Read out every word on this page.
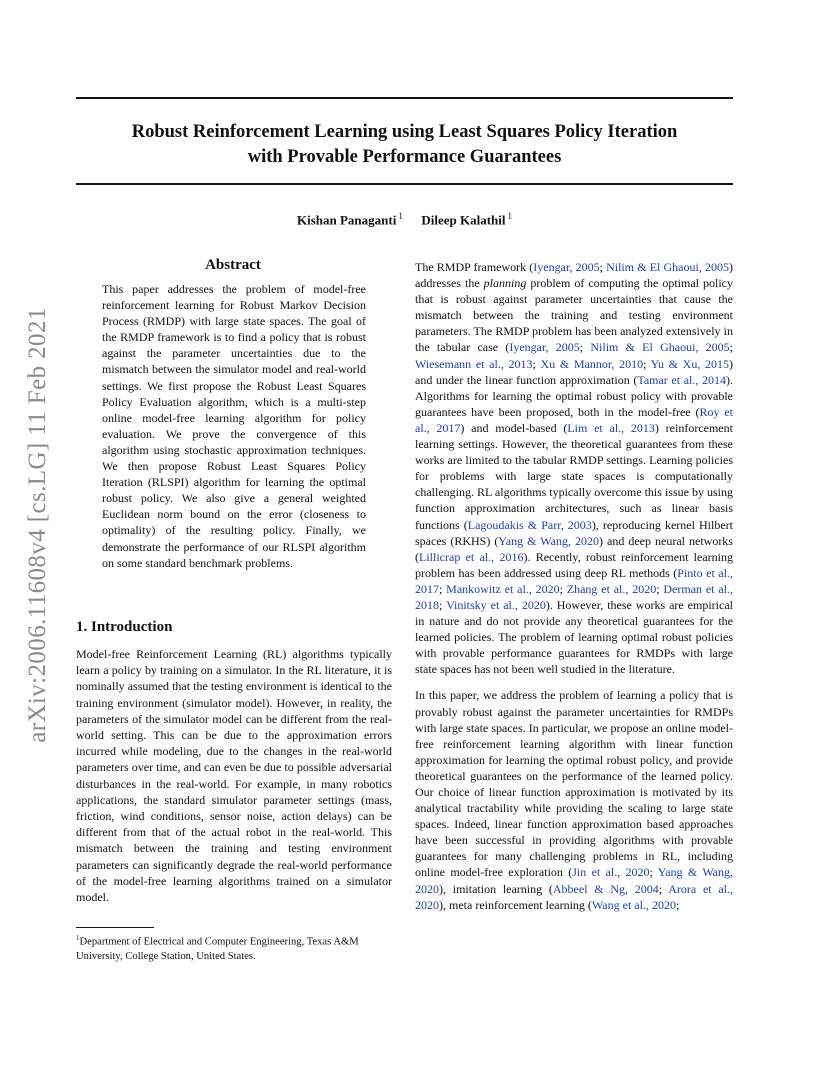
Robust Reinforcement Learning using Least Squares Policy Iteration
with Provable Performance Guarantees
Kishan Panaganti $^1$ Dileep Kalathil $^1$
arXiv:2006.11608v4 [cs.LG] 11 Feb 2021
Abstract
This paper addresses the problem of model-free reinforcement learning for Robust Markov Decision Process (RMDP) with large state spaces. The goal of the RMDP framework is to find a policy that is robust against the parameter uncertainties due to the mismatch between the simulator model and real-world settings. We first propose the Robust Least Squares Policy Evaluation algorithm, which is a multi-step online model-free learning algorithm for policy evaluation. We prove the convergence of this algorithm using stochastic approximation techniques. We then propose Robust Least Squares Policy Iteration (RLSPI) algorithm for learning the optimal robust policy. We also give a general weighted Euclidean norm bound on the error (closeness to optimality) of the resulting policy. Finally, we demonstrate the performance of our RLSPI algorithm on some standard benchmark problems.
1. Introduction
Model-free Reinforcement Learning (RL) algorithms typically learn a policy by training on a simulator. In the RL literature, it is nominally assumed that the testing environment is identical to the training environment (simulator model). However, in reality, the parameters of the simulator model can be different from the real-world setting. This can be due to the approximation errors incurred while modeling, due to the changes in the real-world parameters over time, and can even be due to possible adversarial disturbances in the real-world. For example, in many robotics applications, the standard simulator parameter settings (mass, friction, wind conditions, sensor noise, action delays) can be different from that of the actual robot in the real-world. This mismatch between the training and testing environment parameters can significantly degrade the real-world performance of the model-free learning algorithms trained on a simulator model.
$^1$Department of Electrical and Computer Engineering, Texas A&M University, College Station, United States.

The RMDP framework (Iyengar, 2005; Nilim & El Ghaoui, 2005) addresses the planning problem of computing the optimal policy that is robust against parameter uncertainties that cause the mismatch between the training and testing environment parameters. The RMDP problem has been analyzed extensively in the tabular case (Iyengar, 2005; Nilim & El Ghaoui, 2005; Wiesemann et al., 2013; Xu & Mannor, 2010; Yu & Xu, 2015) and under the linear function approximation (Tamar et al., 2014). Algorithms for learning the optimal robust policy with provable guarantees have been proposed, both in the model-free (Roy et al., 2017) and model-based (Lim et al., 2013) reinforcement learning settings. However, the theoretical guarantees from these works are limited to the tabular RMDP settings. Learning policies for problems with large state spaces is computationally challenging. RL algorithms typically overcome this issue by using function approximation architectures, such as linear basis functions (Lagoudakis & Parr, 2003), reproducing kernel Hilbert spaces (RKHS) (Yang & Wang, 2020) and deep neural networks (Lillicrap et al., 2016). Recently, robust reinforcement learning problem has been addressed using deep RL methods (Pinto et al., 2017; Mankowitz et al., 2020; Zhang et al., 2020; Derman et al., 2018; Vinitsky et al., 2020). However, these works are empirical in nature and do not provide any theoretical guarantees for the learned policies. The problem of learning optimal robust policies with provable performance guarantees for RMDPs with large state spaces has not been well studied in the literature.

In this paper, we address the problem of learning a policy that is provably robust against the parameter uncertainties for RMDPs with large state spaces. In particular, we propose an online model-free reinforcement learning algorithm with linear function approximation for learning the optimal robust policy, and provide theoretical guarantees on the performance of the learned policy. Our choice of linear function approximation is motivated by its analytical tractability while providing the scaling to large state spaces. Indeed, linear function approximation based approaches have been successful in providing algorithms with provable guarantees for many challenging problems in RL, including online model-free exploration (Jin et al., 2020; Yang & Wang, 2020), imitation learning (Abbeel & Ng, 2004; Arora et al., 2020), meta reinforcement learning (Wang et al., 2020;
